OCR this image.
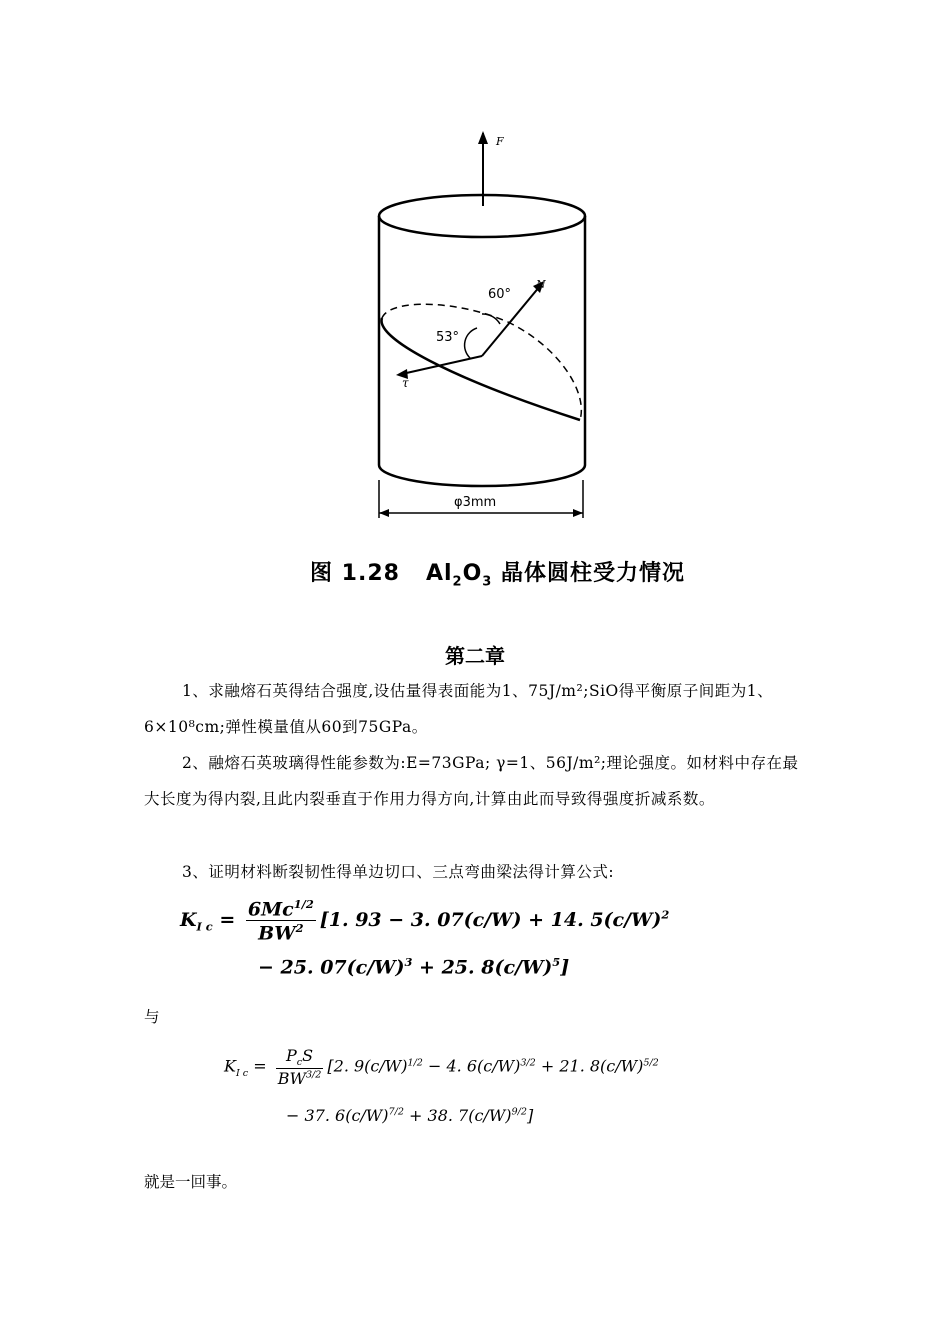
F
N
τ
60°
53°
φ3mm
图 1.28 $Al_2O_3$ 晶体圆柱受力情况
第二章
1、求融熔石英得结合强度,设估量得表面能为1、75J/m²;SiO得平衡原子间距为1、6×10⁸cm;弹性模量值从60到75GPa。
2、融熔石英玻璃得性能参数为:E=73GPa; γ=1、56J/m²;理论强度。如材料中存在最大长度为得内裂,且此内裂垂直于作用力得方向,计算由此而导致得强度折减系数。
3、证明材料断裂韧性得单边切口、三点弯曲梁法得计算公式:
$K_{I c} = \frac{6Mc^{1/2}}{BW^2} [1$. 93 − 3. 07(c/W) + 14. $5(c/W)^2$
− 25. $07(c/W)^3 + 25$. $8(c/W)^5$]
与
$K_{I c} = \frac{P_cS}{BW^{3/2}} [2$. $9(c/W)^{1/2} - 4$. $6(c/W)^{3/2} + 21$. $8(c/W)^{5/2}$
− 37. $6(c/W)^{7/2} + 38$. $7(c/W)^{9/2}$]
就是一回事。
